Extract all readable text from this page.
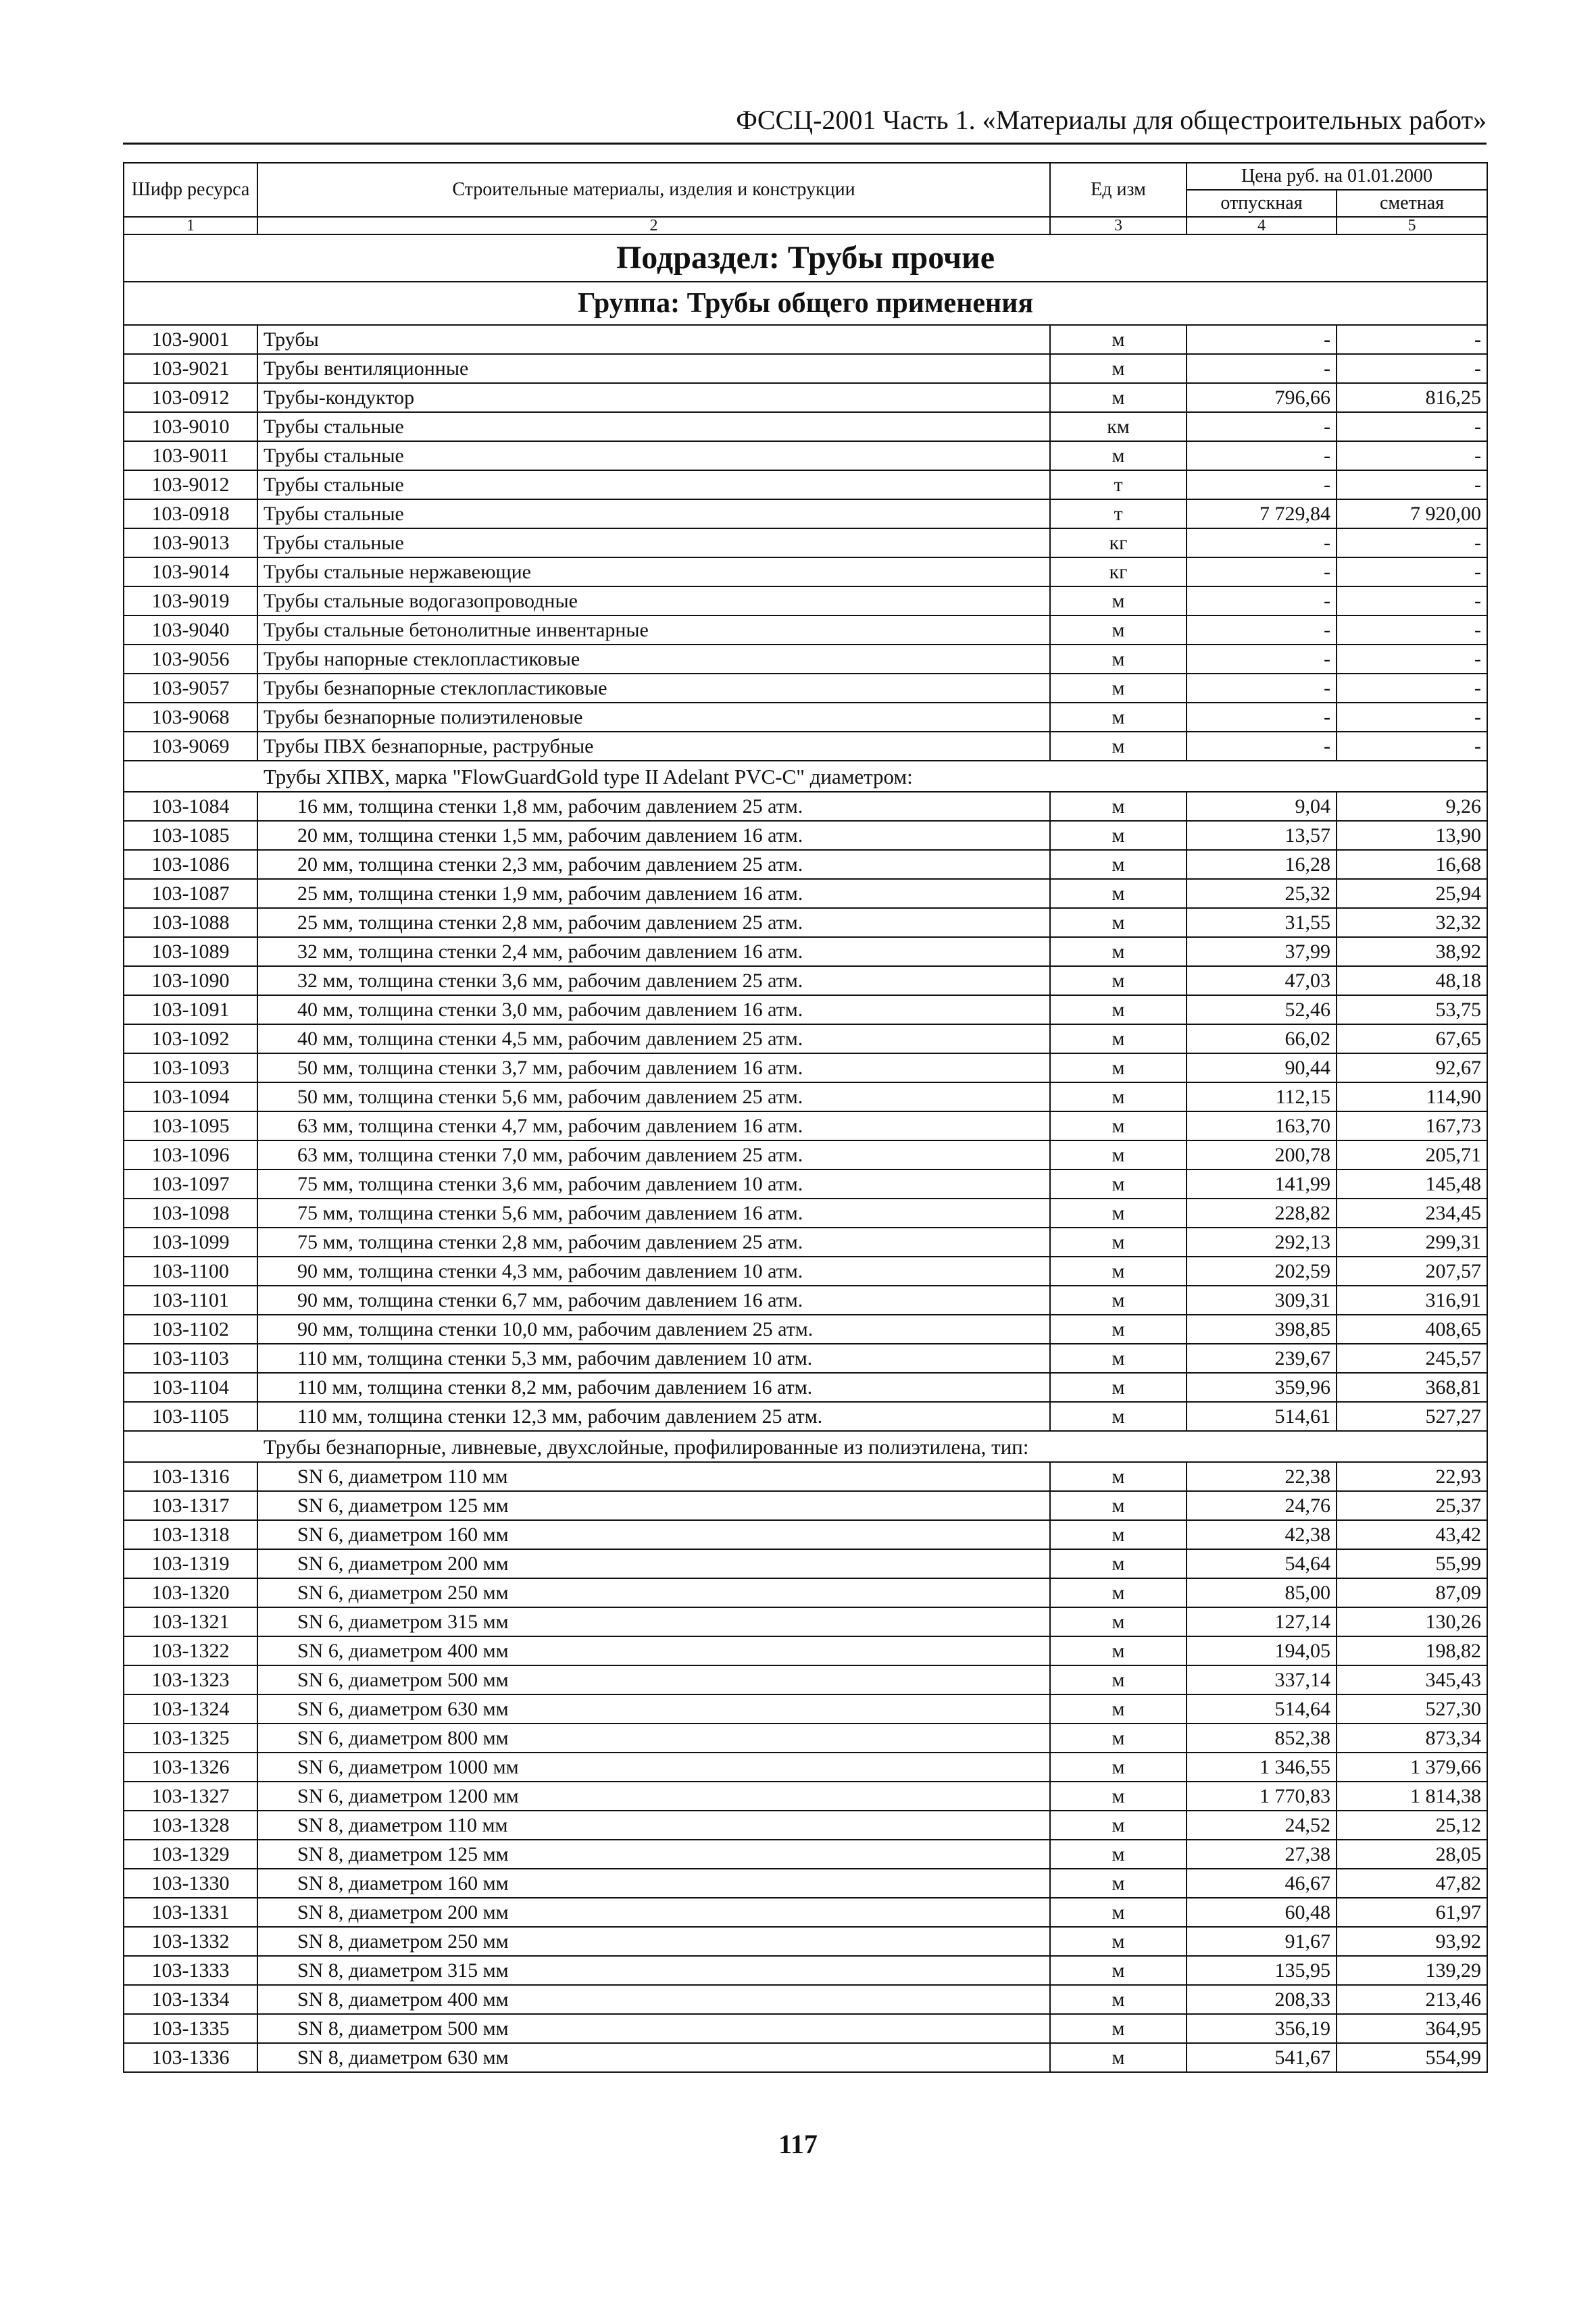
ФССЦ-2001 Часть 1. «Материалы для общестроительных работ»
Шифр ресурса	Строительные материалы, изделия и конструкции	Ед изм	Цена руб. на 01.01.2000	
			отпускная	сметная
1	2	3	4	5
Подраздел: Трубы прочие				
Группа: Трубы общего применения				
103-9001	Трубы	м	-	-
103-9021	Трубы вентиляционные	м	-	-
103-0912	Трубы-кондуктор	м	796,66	816,25
103-9010	Трубы стальные	км	-	-
103-9011	Трубы стальные	м	-	-
103-9012	Трубы стальные	т	-	-
103-0918	Трубы стальные	т	7 729,84	7 920,00
103-9013	Трубы стальные	кг	-	-
103-9014	Трубы стальные нержавеющие	кг	-	-
103-9019	Трубы стальные водогазопроводные	м	-	-
103-9040	Трубы стальные бетонолитные инвентарные	м	-	-
103-9056	Трубы напорные стеклопластиковые	м	-	-
103-9057	Трубы безнапорные стеклопластиковые	м	-	-
103-9068	Трубы безнапорные полиэтиленовые	м	-	-
103-9069	Трубы ПВХ безнапорные, раструбные	м	-	-
Трубы ХПВХ, марка "FlowGuardGold type II Adelant PVC-C" диаметром:				
103-1084	16 мм, толщина стенки 1,8 мм, рабочим давлением 25 атм.	м	9,04	9,26
103-1085	20 мм, толщина стенки 1,5 мм, рабочим давлением 16 атм.	м	13,57	13,90
103-1086	20 мм, толщина стенки 2,3 мм, рабочим давлением 25 атм.	м	16,28	16,68
103-1087	25 мм, толщина стенки 1,9 мм, рабочим давлением 16 атм.	м	25,32	25,94
103-1088	25 мм, толщина стенки 2,8 мм, рабочим давлением 25 атм.	м	31,55	32,32
103-1089	32 мм, толщина стенки 2,4 мм, рабочим давлением 16 атм.	м	37,99	38,92
103-1090	32 мм, толщина стенки 3,6 мм, рабочим давлением 25 атм.	м	47,03	48,18
103-1091	40 мм, толщина стенки 3,0 мм, рабочим давлением 16 атм.	м	52,46	53,75
103-1092	40 мм, толщина стенки 4,5 мм, рабочим давлением 25 атм.	м	66,02	67,65
103-1093	50 мм, толщина стенки 3,7 мм, рабочим давлением 16 атм.	м	90,44	92,67
103-1094	50 мм, толщина стенки 5,6 мм, рабочим давлением 25 атм.	м	112,15	114,90
103-1095	63 мм, толщина стенки 4,7 мм, рабочим давлением 16 атм.	м	163,70	167,73
103-1096	63 мм, толщина стенки 7,0 мм, рабочим давлением 25 атм.	м	200,78	205,71
103-1097	75 мм, толщина стенки 3,6 мм, рабочим давлением 10 атм.	м	141,99	145,48
103-1098	75 мм, толщина стенки 5,6 мм, рабочим давлением 16 атм.	м	228,82	234,45
103-1099	75 мм, толщина стенки 2,8 мм, рабочим давлением 25 атм.	м	292,13	299,31
103-1100	90 мм, толщина стенки 4,3 мм, рабочим давлением 10 атм.	м	202,59	207,57
103-1101	90 мм, толщина стенки 6,7 мм, рабочим давлением 16 атм.	м	309,31	316,91
103-1102	90 мм, толщина стенки 10,0 мм, рабочим давлением 25 атм.	м	398,85	408,65
103-1103	110 мм, толщина стенки 5,3 мм, рабочим давлением 10 атм.	м	239,67	245,57
103-1104	110 мм, толщина стенки 8,2 мм, рабочим давлением 16 атм.	м	359,96	368,81
103-1105	110 мм, толщина стенки 12,3 мм, рабочим давлением 25 атм.	м	514,61	527,27
Трубы безнапорные, ливневые, двухслойные, профилированные из полиэтилена, тип:				
103-1316	SN 6, диаметром 110 мм	м	22,38	22,93
103-1317	SN 6, диаметром 125 мм	м	24,76	25,37
103-1318	SN 6, диаметром 160 мм	м	42,38	43,42
103-1319	SN 6, диаметром 200 мм	м	54,64	55,99
103-1320	SN 6, диаметром 250 мм	м	85,00	87,09
103-1321	SN 6, диаметром 315 мм	м	127,14	130,26
103-1322	SN 6, диаметром 400 мм	м	194,05	198,82
103-1323	SN 6, диаметром 500 мм	м	337,14	345,43
103-1324	SN 6, диаметром 630 мм	м	514,64	527,30
103-1325	SN 6, диаметром 800 мм	м	852,38	873,34
103-1326	SN 6, диаметром 1000 мм	м	1 346,55	1 379,66
103-1327	SN 6, диаметром 1200 мм	м	1 770,83	1 814,38
103-1328	SN 8, диаметром 110 мм	м	24,52	25,12
103-1329	SN 8, диаметром 125 мм	м	27,38	28,05
103-1330	SN 8, диаметром 160 мм	м	46,67	47,82
103-1331	SN 8, диаметром 200 мм	м	60,48	61,97
103-1332	SN 8, диаметром 250 мм	м	91,67	93,92
103-1333	SN 8, диаметром 315 мм	м	135,95	139,29
103-1334	SN 8, диаметром 400 мм	м	208,33	213,46
103-1335	SN 8, диаметром 500 мм	м	356,19	364,95
103-1336	SN 8, диаметром 630 мм	м	541,67	554,99
117
